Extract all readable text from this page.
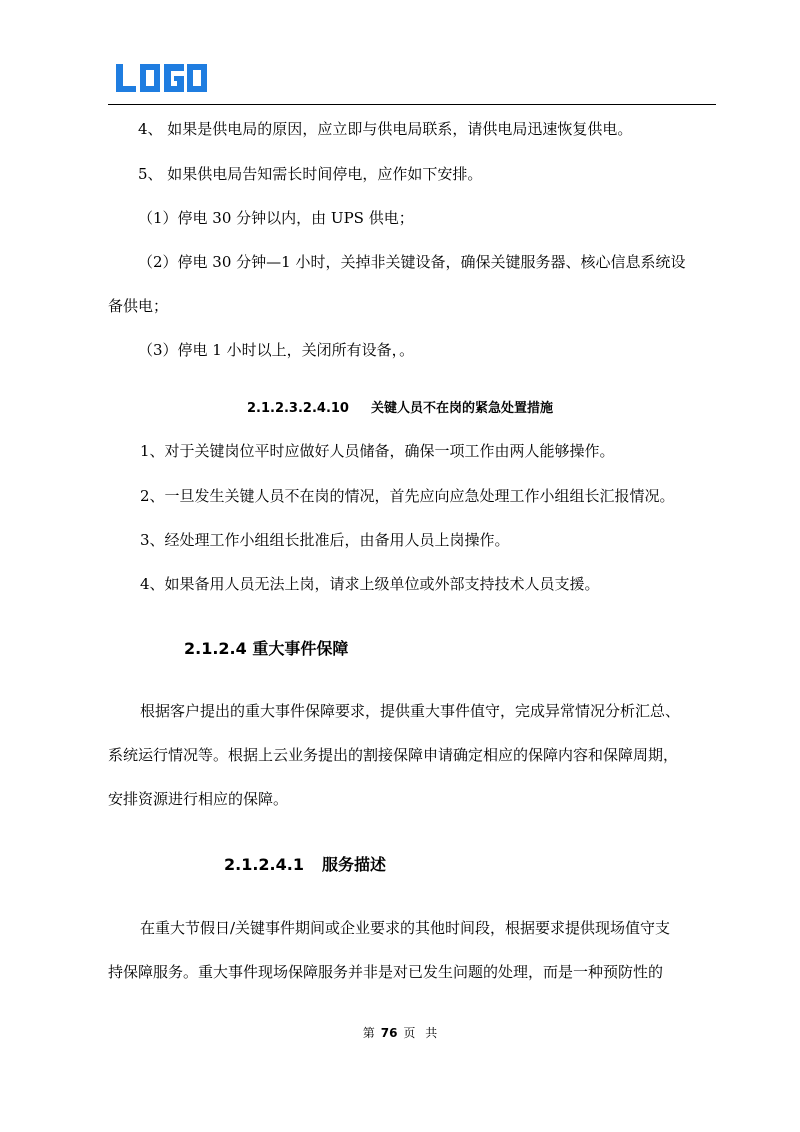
4、 如果是供电局的原因，应立即与供电局联系，请供电局迅速恢复供电。
5、 如果供电局告知需长时间停电，应作如下安排。
（1）停电 30 分钟以内，由 UPS 供电；
（2）停电 30 分钟—1 小时，关掉非关键设备，确保关键服务器、核心信息系统设
备供电；
（3）停电 1 小时以上，关闭所有设备，。
2.1.2.3.2.4.10 关键人员不在岗的紧急处置措施
1、对于关键岗位平时应做好人员储备，确保一项工作由两人能够操作。
2、一旦发生关键人员不在岗的情况，首先应向应急处理工作小组组长汇报情况。
3、经处理工作小组组长批准后，由备用人员上岗操作。
4、如果备用人员无法上岗，请求上级单位或外部支持技术人员支援。
2.1.2.4 重大事件保障
根据客户提出的重大事件保障要求，提供重大事件值守，完成异常情况分析汇总、
系统运行情况等。根据上云业务提出的割接保障申请确定相应的保障内容和保障周期，
安排资源进行相应的保障。
2.1.2.4.1 服务描述
在重大节假日/关键事件期间或企业要求的其他时间段，根据要求提供现场值守支
持保障服务。重大事件现场保障服务并非是对已发生问题的处理，而是一种预防性的
第 76 页 共
